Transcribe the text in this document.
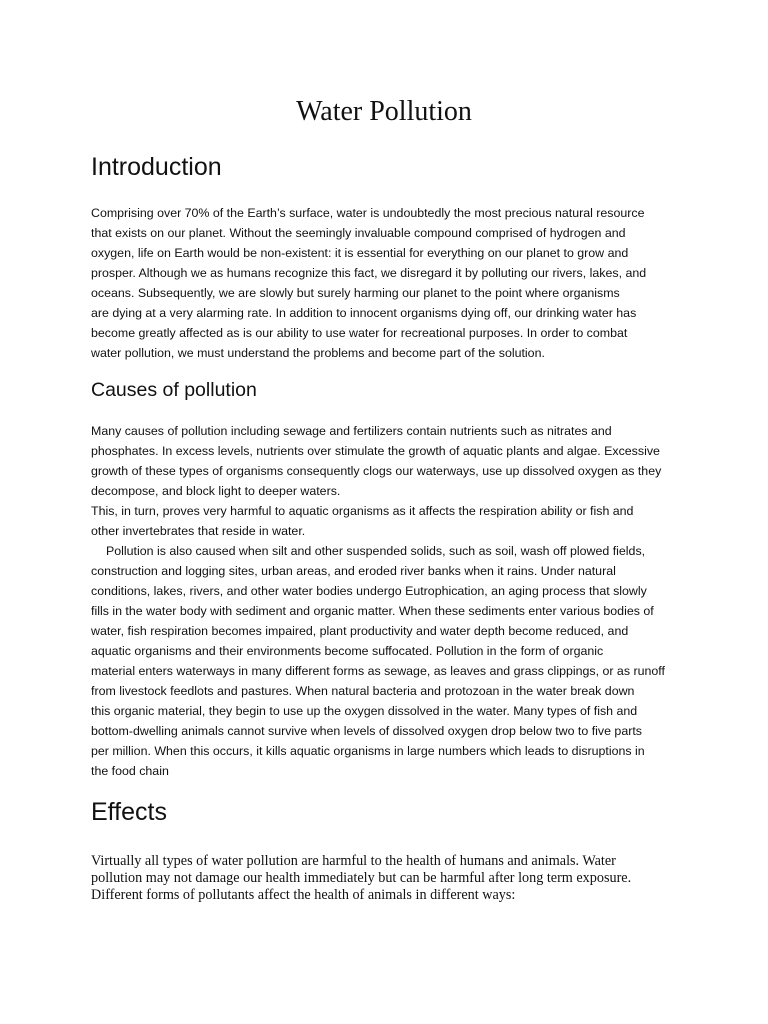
Water Pollution
Introduction

Comprising over 70% of the Earth’s surface, water is undoubtedly the most precious natural resource

that exists on our planet. Without the seemingly invaluable compound comprised of hydrogen and

oxygen, life on Earth would be non-existent: it is essential for everything on our planet to grow and

prosper. Although we as humans recognize this fact, we disregard it by polluting our rivers, lakes, and

oceans. Subsequently, we are slowly but surely harming our planet to the point where organisms

are dying at a very alarming rate. In addition to innocent organisms dying off, our drinking water has

become greatly affected as is our ability to use water for recreational purposes. In order to combat

water pollution, we must understand the problems and become part of the solution.

Causes of pollution

Many causes of pollution including sewage and fertilizers contain nutrients such as nitrates and

phosphates. In excess levels, nutrients over stimulate the growth of aquatic plants and algae. Excessive

growth of these types of organisms consequently clogs our waterways, use up dissolved oxygen as they

decompose, and block light to deeper waters.

This, in turn, proves very harmful to aquatic organisms as it affects the respiration ability or fish and

other invertebrates that reside in water.

Pollution is also caused when silt and other suspended solids, such as soil, wash off plowed fields,

construction and logging sites, urban areas, and eroded river banks when it rains. Under natural

conditions, lakes, rivers, and other water bodies undergo Eutrophication, an aging process that slowly

fills in the water body with sediment and organic matter. When these sediments enter various bodies of

water, fish respiration becomes impaired, plant productivity and water depth become reduced, and

aquatic organisms and their environments become suffocated. Pollution in the form of organic

material enters waterways in many different forms as sewage, as leaves and grass clippings, or as runoff

from livestock feedlots and pastures. When natural bacteria and protozoan in the water break down

this organic material, they begin to use up the oxygen dissolved in the water. Many types of fish and

bottom-dwelling animals cannot survive when levels of dissolved oxygen drop below two to five parts

per million. When this occurs, it kills aquatic organisms in large numbers which leads to disruptions in

the food chain

Effects

Virtually all types of water pollution are harmful to the health of humans and animals. Water

pollution may not damage our health immediately but can be harmful after long term exposure.

Different forms of pollutants affect the health of animals in different ways:
